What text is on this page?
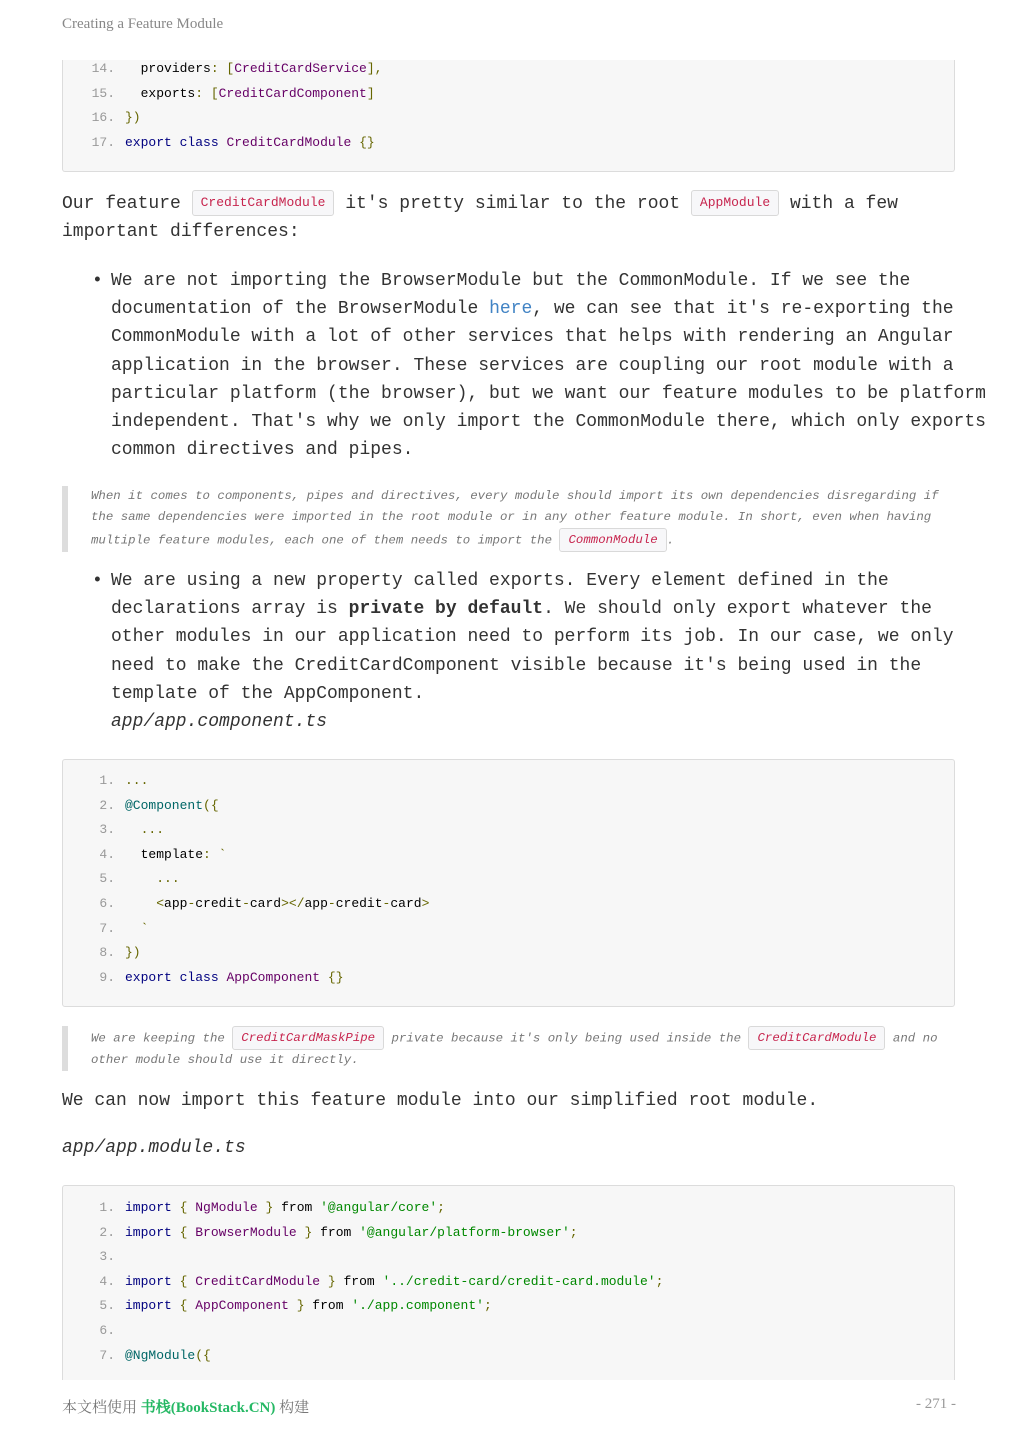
Creating a Feature Module
14. providers: [CreditCardService],
15. exports: [CreditCardComponent]
16. })
17. export class CreditCardModule {}

Our feature CreditCardModule it's pretty similar to the root AppModule with a few

important differences:

• We are not importing the BrowserModule but the CommonModule. If we see the

documentation of the BrowserModule here, we can see that it's re-exporting the

CommonModule with a lot of other services that helps with rendering an Angular

application in the browser. These services are coupling our root module with a

particular platform (the browser), but we want our feature modules to be platform

independent. That's why we only import the CommonModule there, which only exports

common directives and pipes.

When it comes to components, pipes and directives, every module should import its own dependencies disregarding if
the same dependencies were imported in the root module or in any other feature module. In short, even when having
multiple feature modules, each one of them needs to import the CommonModule .
• We are using a new property called exports. Every element defined in the

declarations array is private by default. We should only export whatever the

other modules in our application need to perform its job. In our case, we only

need to make the CreditCardComponent visible because it's being used in the

template of the AppComponent.

app/app.component.ts

1. ...
2. @Component({
3. ...
4. template: `
5.	...
6.	<app-credit-card></app-credit-card>
7. `
8. })
9. export class AppComponent {}
We are keeping the CreditCardMaskPipe private because it's only being used inside the CreditCardModule and no
other module should use it directly.

We can now import this feature module into our simplified root module.

app/app.module.ts
1. import { NgModule } from '@angular/core';
2. import { BrowserModule } from '@angular/platform-browser';
3.
4. import { CreditCardModule } from '../credit-card/credit-card.module';
5. import { AppComponent } from './app.component';
6.
7. @NgModule({
本文档使用 书栈(BookStack.CN) 构建	- 271 -
